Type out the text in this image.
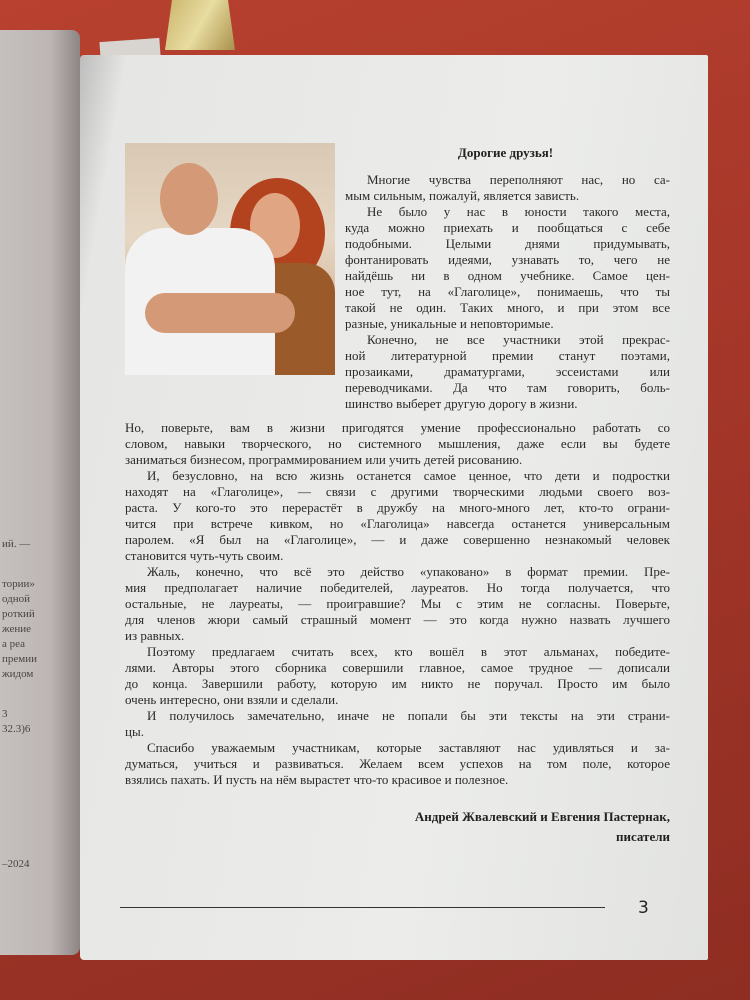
ий. —
тории»
одной
роткий
жение
а реа
премии
жидом
3
32.3)6
–2024
Дорогие друзья!
Многие чувства переполняют нас, но са-
мым сильным, пожалуй, является зависть.
Не было у нас в юности такого места,
куда можно приехать и пообщаться с себе
подобными. Целыми днями придумывать,
фонтанировать идеями, узнавать то, чего не
найдёшь ни в одном учебнике. Самое цен-
ное тут, на «Глаголице», понимаешь, что ты
такой не один. Таких много, и при этом все
разные, уникальные и неповторимые.
Конечно, не все участники этой прекрас-
ной литературной премии станут поэтами,
прозаиками, драматургами, эссеистами или
переводчиками. Да что там говорить, боль-
шинство выберет другую дорогу в жизни.
Но, поверьте, вам в жизни пригодятся умение профессионально работать со
словом, навыки творческого, но системного мышления, даже если вы будете
заниматься бизнесом, программированием или учить детей рисованию.
И, безусловно, на всю жизнь останется самое ценное, что дети и подростки
находят на «Глаголице», — связи с другими творческими людьми своего воз-
раста. У кого-то это перерастёт в дружбу на много-много лет, кто-то ограни-
чится при встрече кивком, но «Глаголица» навсегда останется универсальным
паролем. «Я был на «Глаголице», — и даже совершенно незнакомый человек
становится чуть-чуть своим.
Жаль, конечно, что всё это действо «упаковано» в формат премии. Пре-
мия предполагает наличие победителей, лауреатов. Но тогда получается, что
остальные, не лауреаты, — проигравшие? Мы с этим не согласны. Поверьте,
для членов жюри самый страшный момент — это когда нужно назвать лучшего
из равных.
Поэтому предлагаем считать всех, кто вошёл в этот альманах, победите-
лями. Авторы этого сборника совершили главное, самое трудное — дописали
до конца. Завершили работу, которую им никто не поручал. Просто им было
очень интересно, они взяли и сделали.
И получилось замечательно, иначе не попали бы эти тексты на эти страни-
цы.
Спасибо уважаемым участникам, которые заставляют нас удивляться и за-
думаться, учиться и развиваться. Желаем всем успехов на том поле, которое
взялись пахать. И пусть на нём вырастет что-то красивое и полезное.
Андрей Жвалевский и Евгения Пастернак,
писатели
3
